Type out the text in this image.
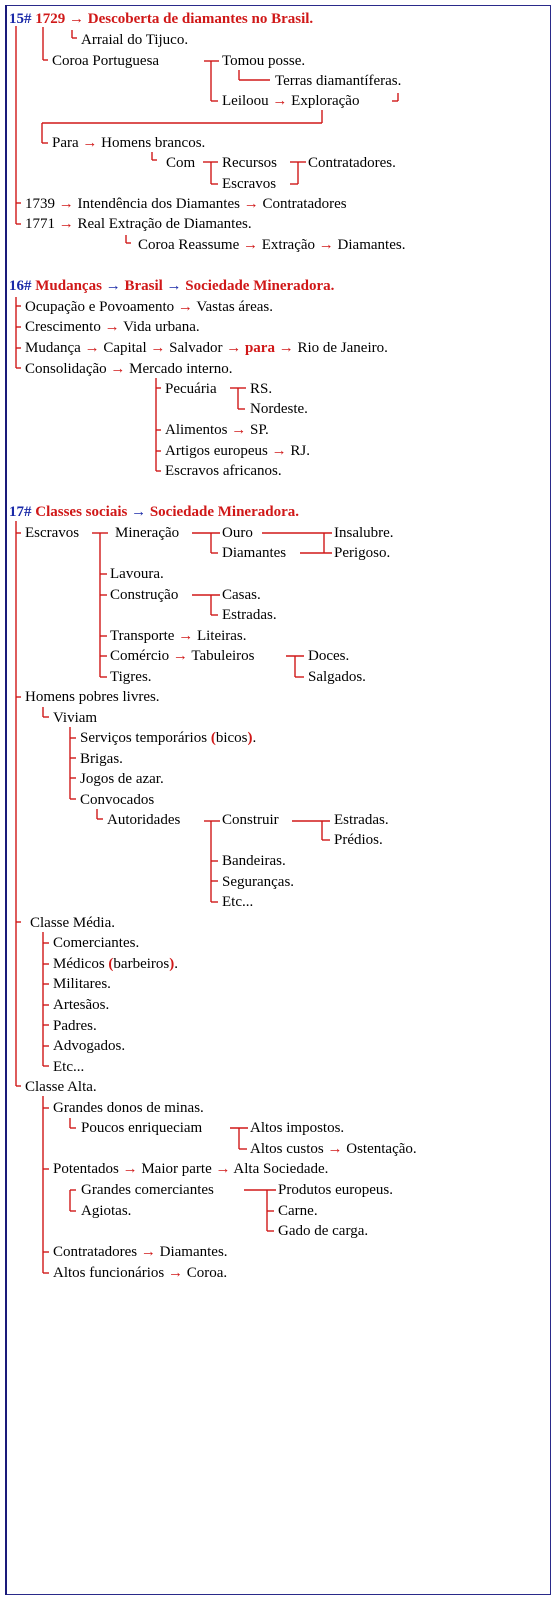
15# 1729 → Descoberta de diamantes no Brasil.
Arraial do Tijuco.
Coroa Portuguesa	Tomou posse.
Terras diamantíferas.
Leiloou → Exploração
Para → Homens brancos.
Com Recursos Contratadores.
Escravos
1739 → Intendência dos Diamantes → Contratadores
1771 → Real Extração de Diamantes.
Coroa Reassume → Extração → Diamantes.
16# Mudanças → Brasil → Sociedade Mineradora.
Ocupação e Povoamento → Vastas áreas.
Crescimento → Vida urbana.
Mudança → Capital → Salvador → para → Rio de Janeiro.
Consolidação → Mercado interno.
Pecuária RS.
Nordeste.
Alimentos → SP.
Artigos europeus → RJ.
Escravos africanos.
17# Classes sociais → Sociedade Mineradora.
Escravos Mineração	Ouro	Insalubre.
Diamantes	Perigoso.
Lavoura.
Construção	Casas.
Estradas.
Transporte → Liteiras.
Comércio → Tabuleiros	Doces.
Tigres.	Salgados.
Homens pobres livres.
Viviam
Serviços temporários (bicos).
Brigas.
Jogos de azar.
Convocados
Autoridades	Construir	Estradas.
Prédios.
Bandeiras.
Seguranças.
Etc...
Classe Média.
Comerciantes.
Médicos (barbeiros).
Militares.
Artesãos.
Padres.
Advogados.
Etc...
Classe Alta.
Grandes donos de minas.
Poucos enriqueciam	Altos impostos.
Altos custos → Ostentação.
Potentados → Maior parte → Alta Sociedade.
Grandes comerciantes	Produtos europeus.
Agiotas.	Carne.
Gado de carga.
Contratadores → Diamantes.
Altos funcionários → Coroa.
